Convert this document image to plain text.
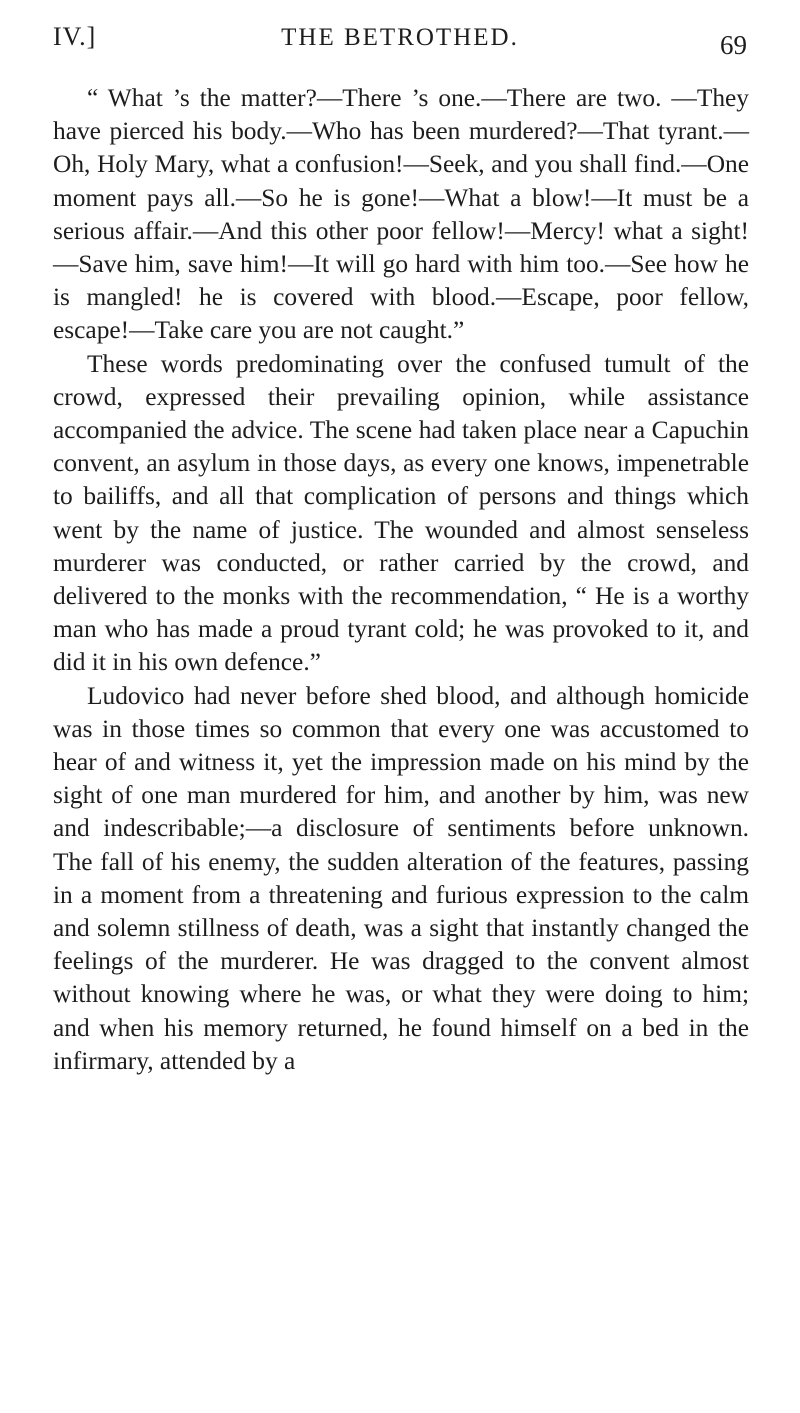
IV.]	THE BETROTHED.	69

“ What ’s the matter?—There ’s one.—There are two. —They have pierced his body.—Who has been murdered?—That tyrant.—Oh, Holy Mary, what a confusion!—Seek, and you shall find.—One moment pays all.—So he is gone!—What a blow!—It must be a serious affair.—And this other poor fellow!—Mercy! what a sight!—Save him, save him!—It will go hard with him too.—See how he is mangled! he is covered with blood.—Escape, poor fellow, escape!—Take care you are not caught.”

These words predominating over the confused tumult of the crowd, expressed their prevailing opinion, while assistance accompanied the advice. The scene had taken place near a Capuchin convent, an asylum in those days, as every one knows, impenetrable to bailiffs, and all that complication of persons and things which went by the name of justice. The wounded and almost senseless murderer was conducted, or rather carried by the crowd, and delivered to the monks with the recommendation, “ He is a worthy man who has made a proud tyrant cold; he was provoked to it, and did it in his own defence.”

Ludovico had never before shed blood, and although homicide was in those times so common that every one was accustomed to hear of and witness it, yet the impression made on his mind by the sight of one man murdered for him, and another by him, was new and indescribable;—a disclosure of sentiments before unknown. The fall of his enemy, the sudden alteration of the features, passing in a moment from a threatening and furious expression to the calm and solemn stillness of death, was a sight that instantly changed the feelings of the murderer. He was dragged to the convent almost without knowing where he was, or what they were doing to him; and when his memory returned, he found himself on a bed in the infirmary, attended by a
